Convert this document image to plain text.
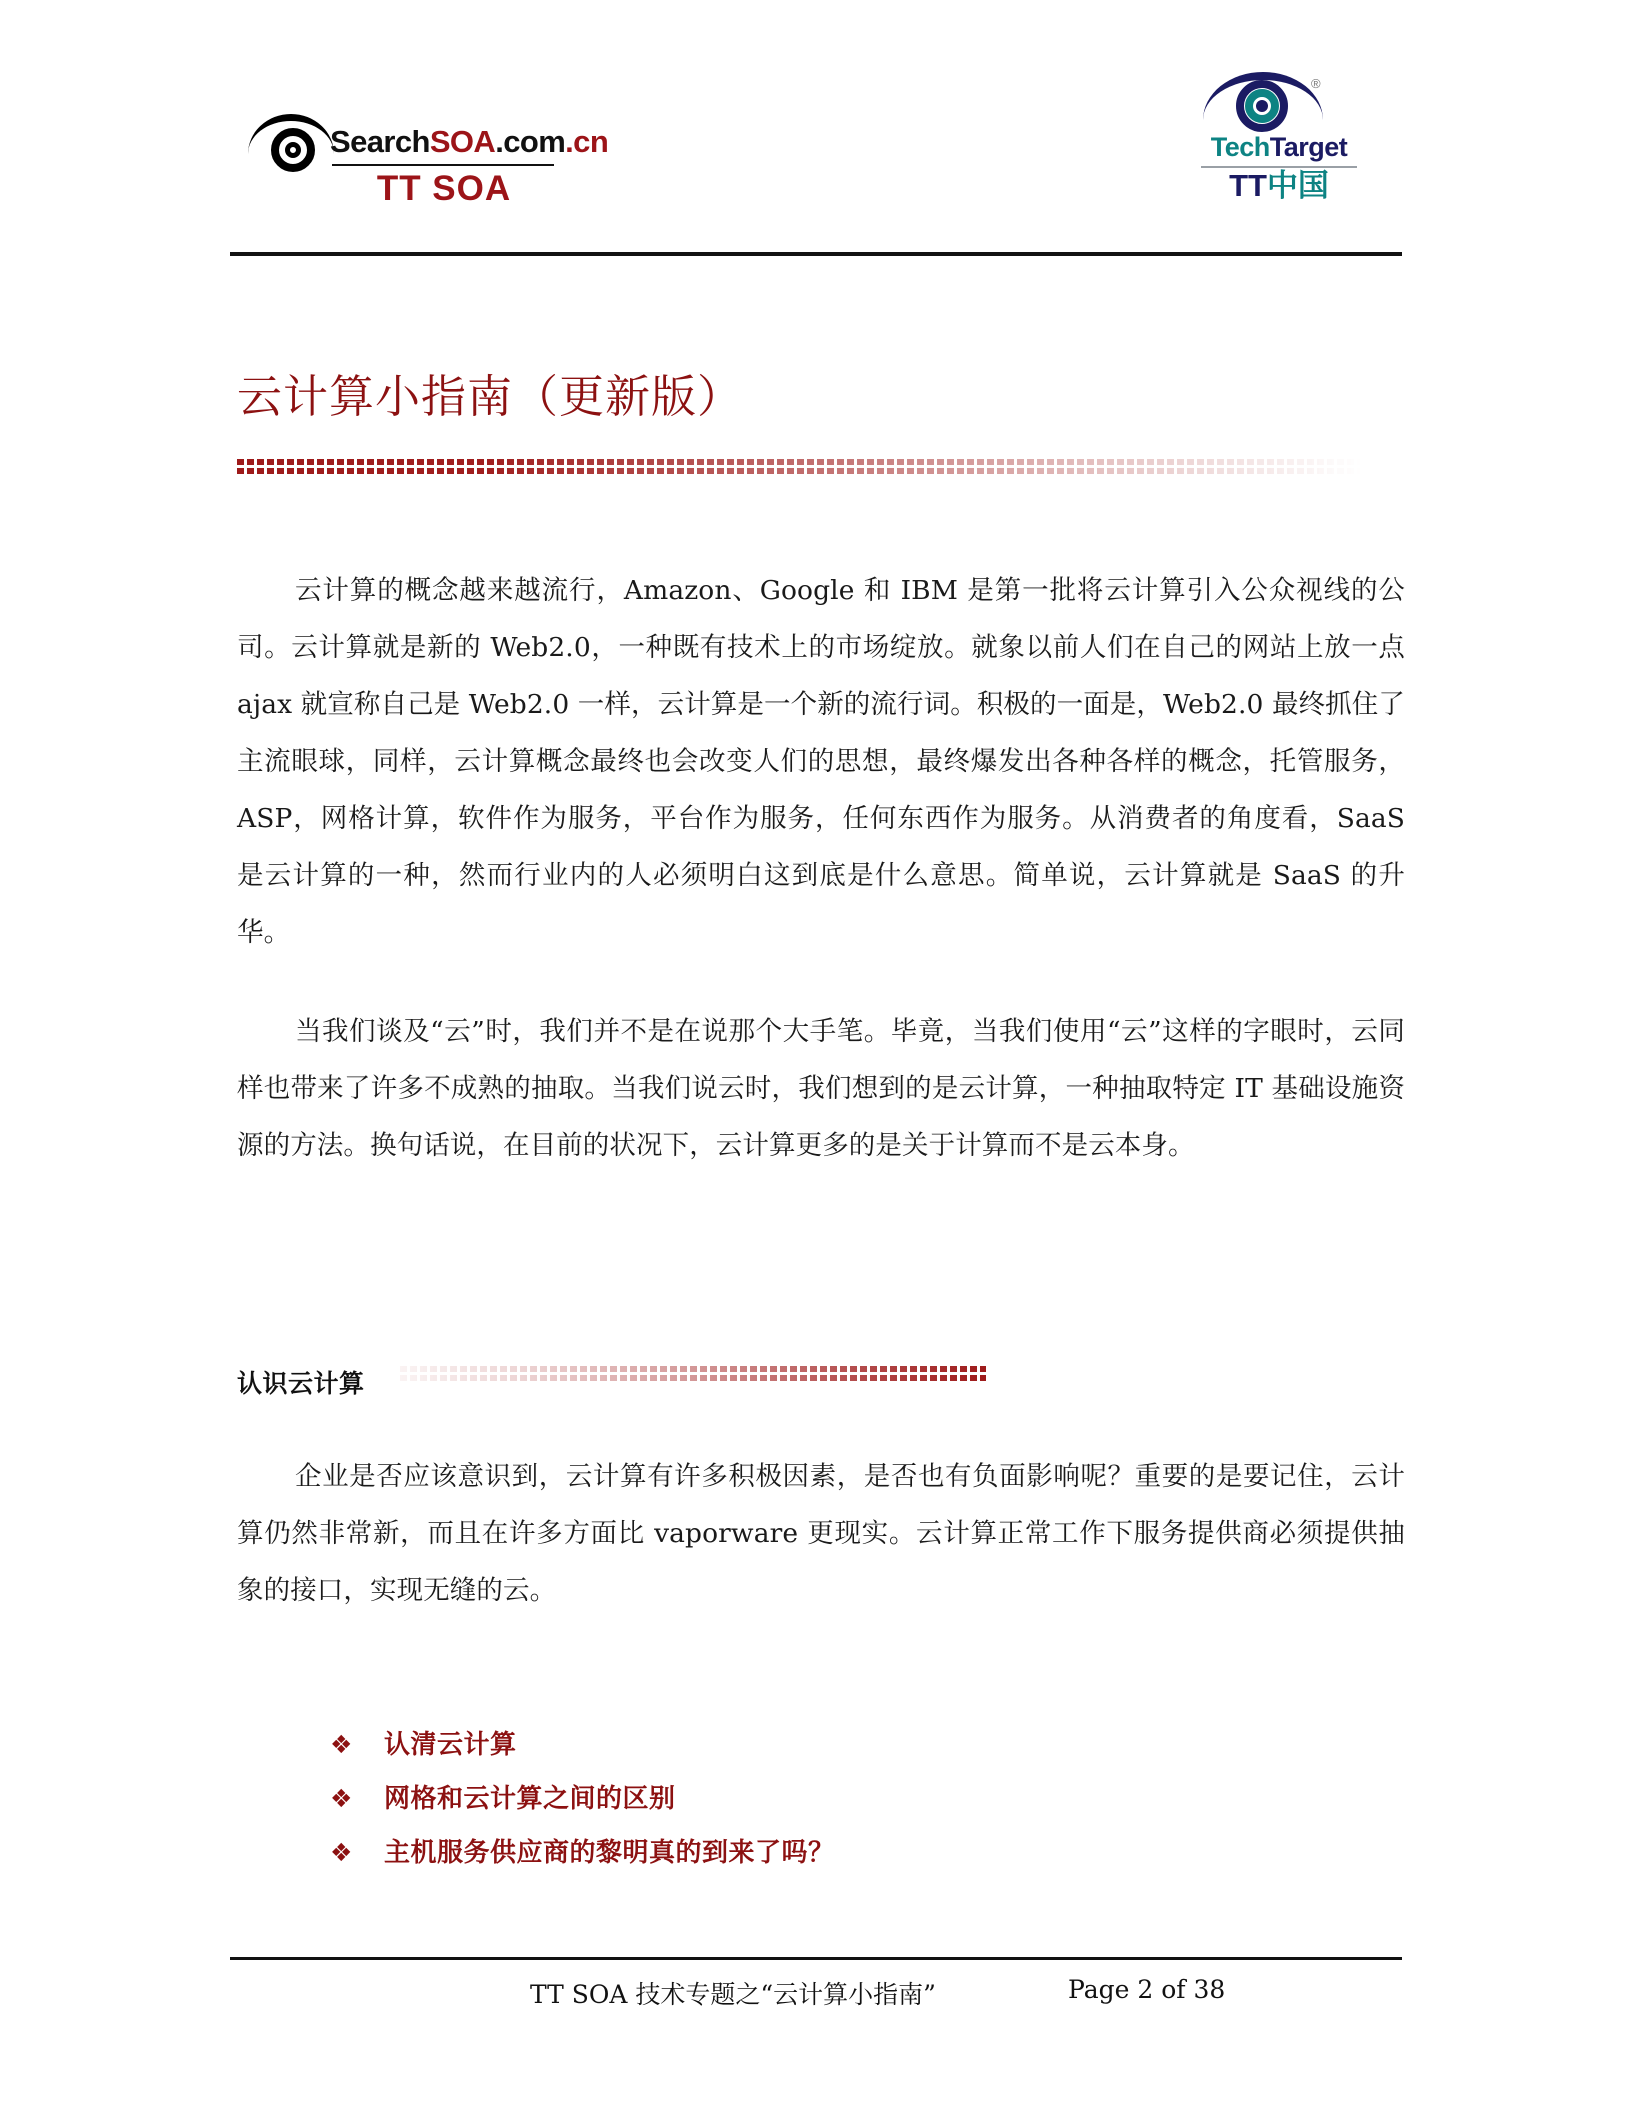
SearchSOA.com.cn
TT SOA
®
TechTarget
TT中国
云计算小指南（更新版）
云计算的概念越来越流行，Amazon、Google 和 IBM 是第一批将云计算引入公众视线的公司。云计算就是新的 Web2.0，一种既有技术上的市场绽放。就象以前人们在自己的网站上放一点 ajax 就宣称自己是 Web2.0 一样，云计算是一个新的流行词。积极的一面是，Web2.0 最终抓住了主流眼球，同样，云计算概念最终也会改变人们的思想，最终爆发出各种各样的概念，托管服务，ASP，网格计算，软件作为服务，平台作为服务，任何东西作为服务。从消费者的角度看，SaaS 是云计算的一种，然而行业内的人必须明白这到底是什么意思。简单说，云计算就是 SaaS 的升华。
当我们谈及“云”时，我们并不是在说那个大手笔。毕竟，当我们使用“云”这样的字眼时，云同样也带来了许多不成熟的抽取。当我们说云时，我们想到的是云计算，一种抽取特定 IT 基础设施资源的方法。换句话说，在目前的状况下，云计算更多的是关于计算而不是云本身。
认识云计算
企业是否应该意识到，云计算有许多积极因素，是否也有负面影响呢？重要的是要记住，云计算仍然非常新，而且在许多方面比 vaporware 更现实。云计算正常工作下服务提供商必须提供抽象的接口，实现无缝的云。
❖	认清云计算
❖	网格和云计算之间的区别
❖	主机服务供应商的黎明真的到来了吗？
TT SOA 技术专题之“云计算小指南”	Page 2 of 38
